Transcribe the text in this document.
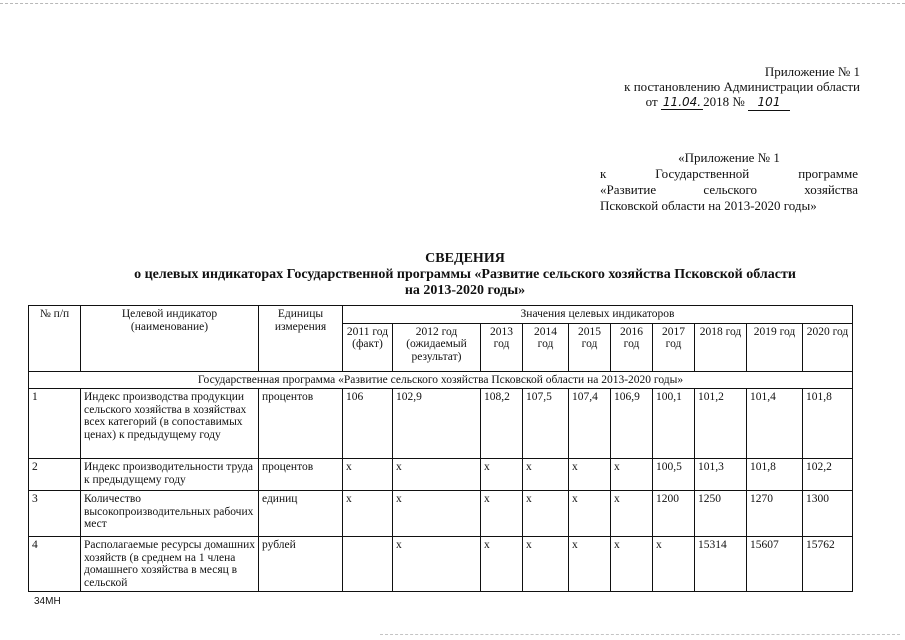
Приложение № 1
к постановлению Администрации области
от 11.04. 2018 № 101
«Приложение № 1
к	Государственной	программе
«Развитие	сельского	хозяйства
Псковской области на 2013-2020 годы»
СВЕДЕНИЯ
о целевых индикаторах Государственной программы «Развитие сельского хозяйства Псковской области
на 2013-2020 годы»
№ п/п	Целевой индикатор (наименование)	Единицы измерения	Значения целевых индикаторов									
			2011 год (факт)	2012 год (ожидаемый результат)	2013 год	2014 год	2015 год	2016 год	2017 год	2018 год	2019 год	2020 год
Государственная программа «Развитие сельского хозяйства Псковской области на 2013-2020 годы»												
1	Индекс производства продукции сельского хозяйства в хозяйствах всех категорий (в сопоставимых ценах) к предыдущему году	процентов	106	102,9	108,2	107,5	107,4	106,9	100,1	101,2	101,4	101,8
2	Индекс производительности труда к предыдущему году	процентов	х	х	х	х	х	х	100,5	101,3	101,8	102,2
3	Количество высокопроизводительных рабочих мест	единиц	х	х	х	х	х	х	1200	1250	1270	1300
4	Располагаемые ресурсы домашних хозяйств (в среднем на 1 члена домашнего хозяйства в месяц в сельской	рублей		х	х	х	х	х	х	15314	15607	15762
34МН
